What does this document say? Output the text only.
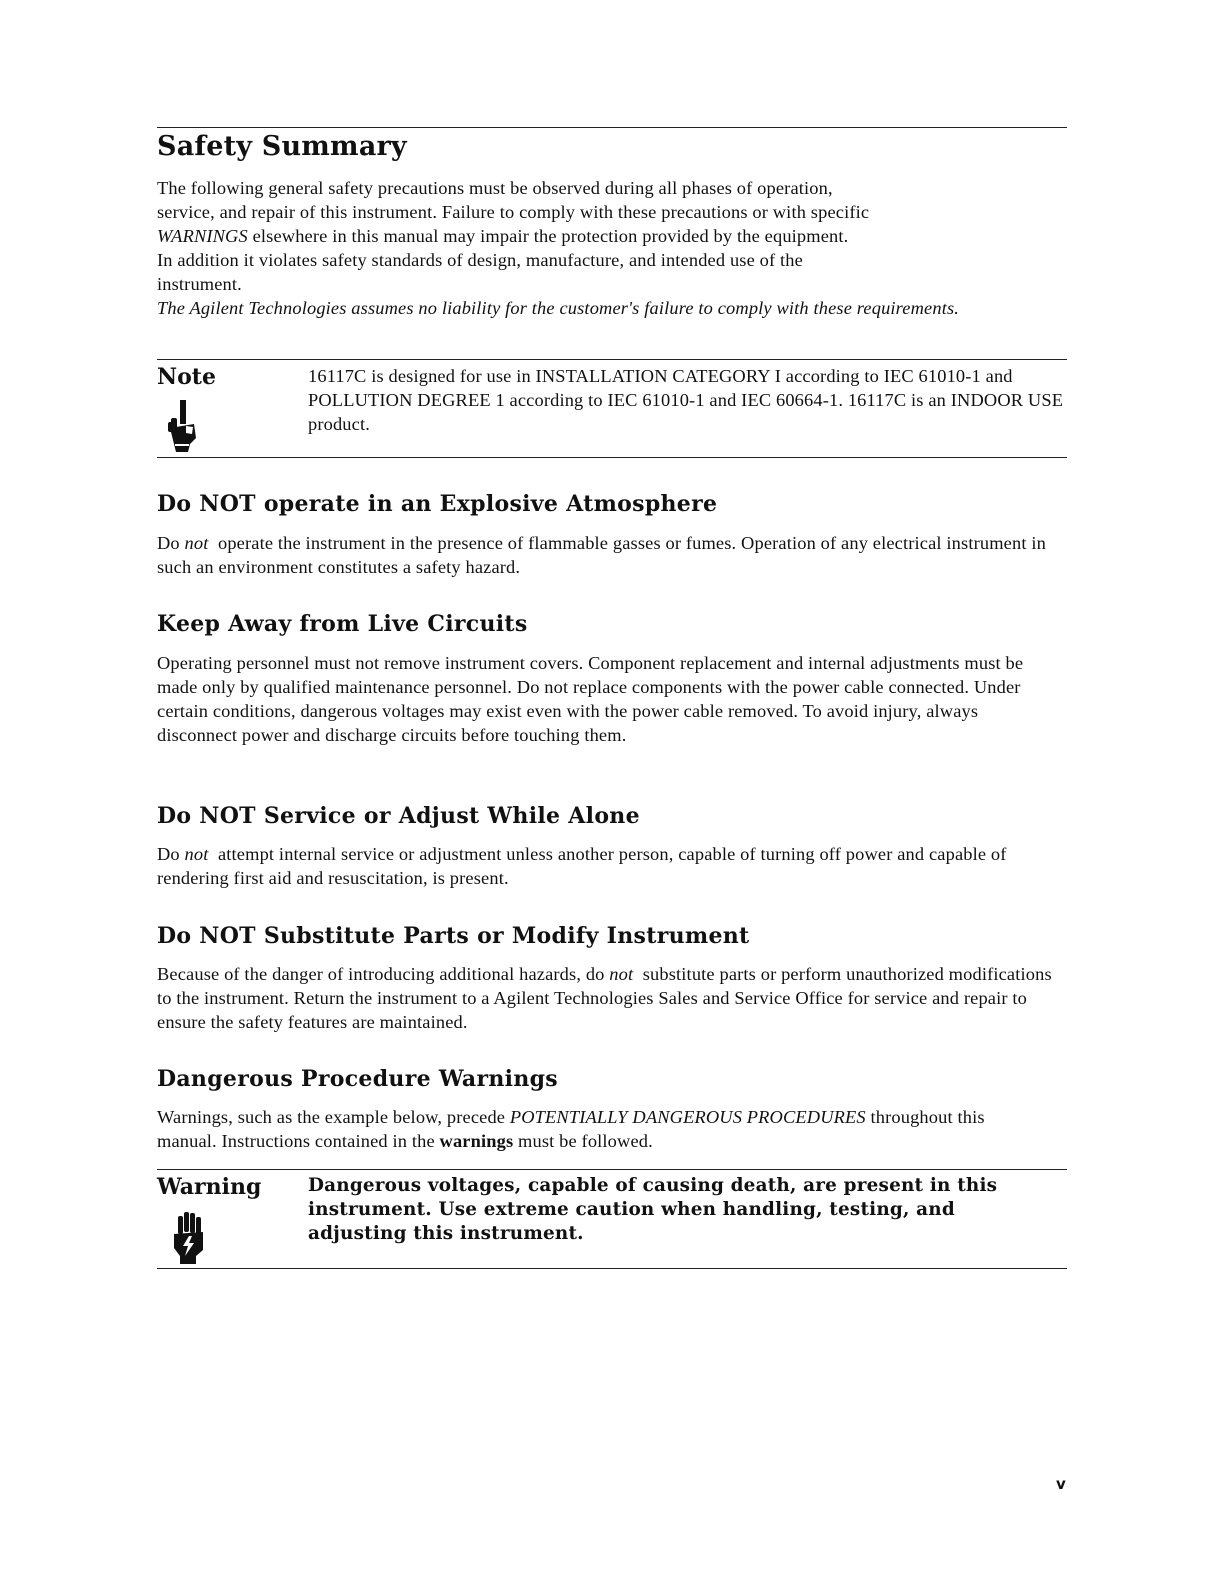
Safety Summary

The following general safety precautions must be observed during all phases of operation,

service, and repair of this instrument. Failure to comply with these precautions or with specific

WARNINGS elsewhere in this manual may impair the protection provided by the equipment.

In addition it violates safety standards of design, manufacture, and intended use of the

instrument.

The Agilent Technologies assumes no liability for the customer's failure to comply with these requirements.

Note	16117C is designed for use in INSTALLATION CATEGORY I according to IEC 61010-1 and POLLUTION DEGREE 1 according to IEC 61010-1 and IEC 60664-1. 16117C is an INDOOR USE product.
Do NOT operate in an Explosive Atmosphere
Do not  operate the instrument in the presence of flammable gasses or fumes. Operation of any electrical instrument in such an environment constitutes a safety hazard.
Keep Away from Live Circuits
Operating personnel must not remove instrument covers. Component replacement and internal adjustments must be made only by qualified maintenance personnel. Do not replace components with the power cable connected. Under certain conditions, dangerous voltages may exist even with the power cable removed. To avoid injury, always disconnect power and discharge circuits before touching them.
Do NOT Service or Adjust While Alone
Do not  attempt internal service or adjustment unless another person, capable of turning off power and capable of rendering first aid and resuscitation, is present.
Do NOT Substitute Parts or Modify Instrument
Because of the danger of introducing additional hazards, do not  substitute parts or perform unauthorized modifications to the instrument. Return the instrument to a Agilent Technologies Sales and Service Office for service and repair to ensure the safety features are maintained.
Dangerous Procedure Warnings
Warnings, such as the example below, precede POTENTIALLY DANGEROUS PROCEDURES throughout this manual. Instructions contained in the warnings must be followed.
Warning	Dangerous voltages, capable of causing death, are present in this instrument. Use extreme caution when handling, testing, and adjusting this instrument.
v
